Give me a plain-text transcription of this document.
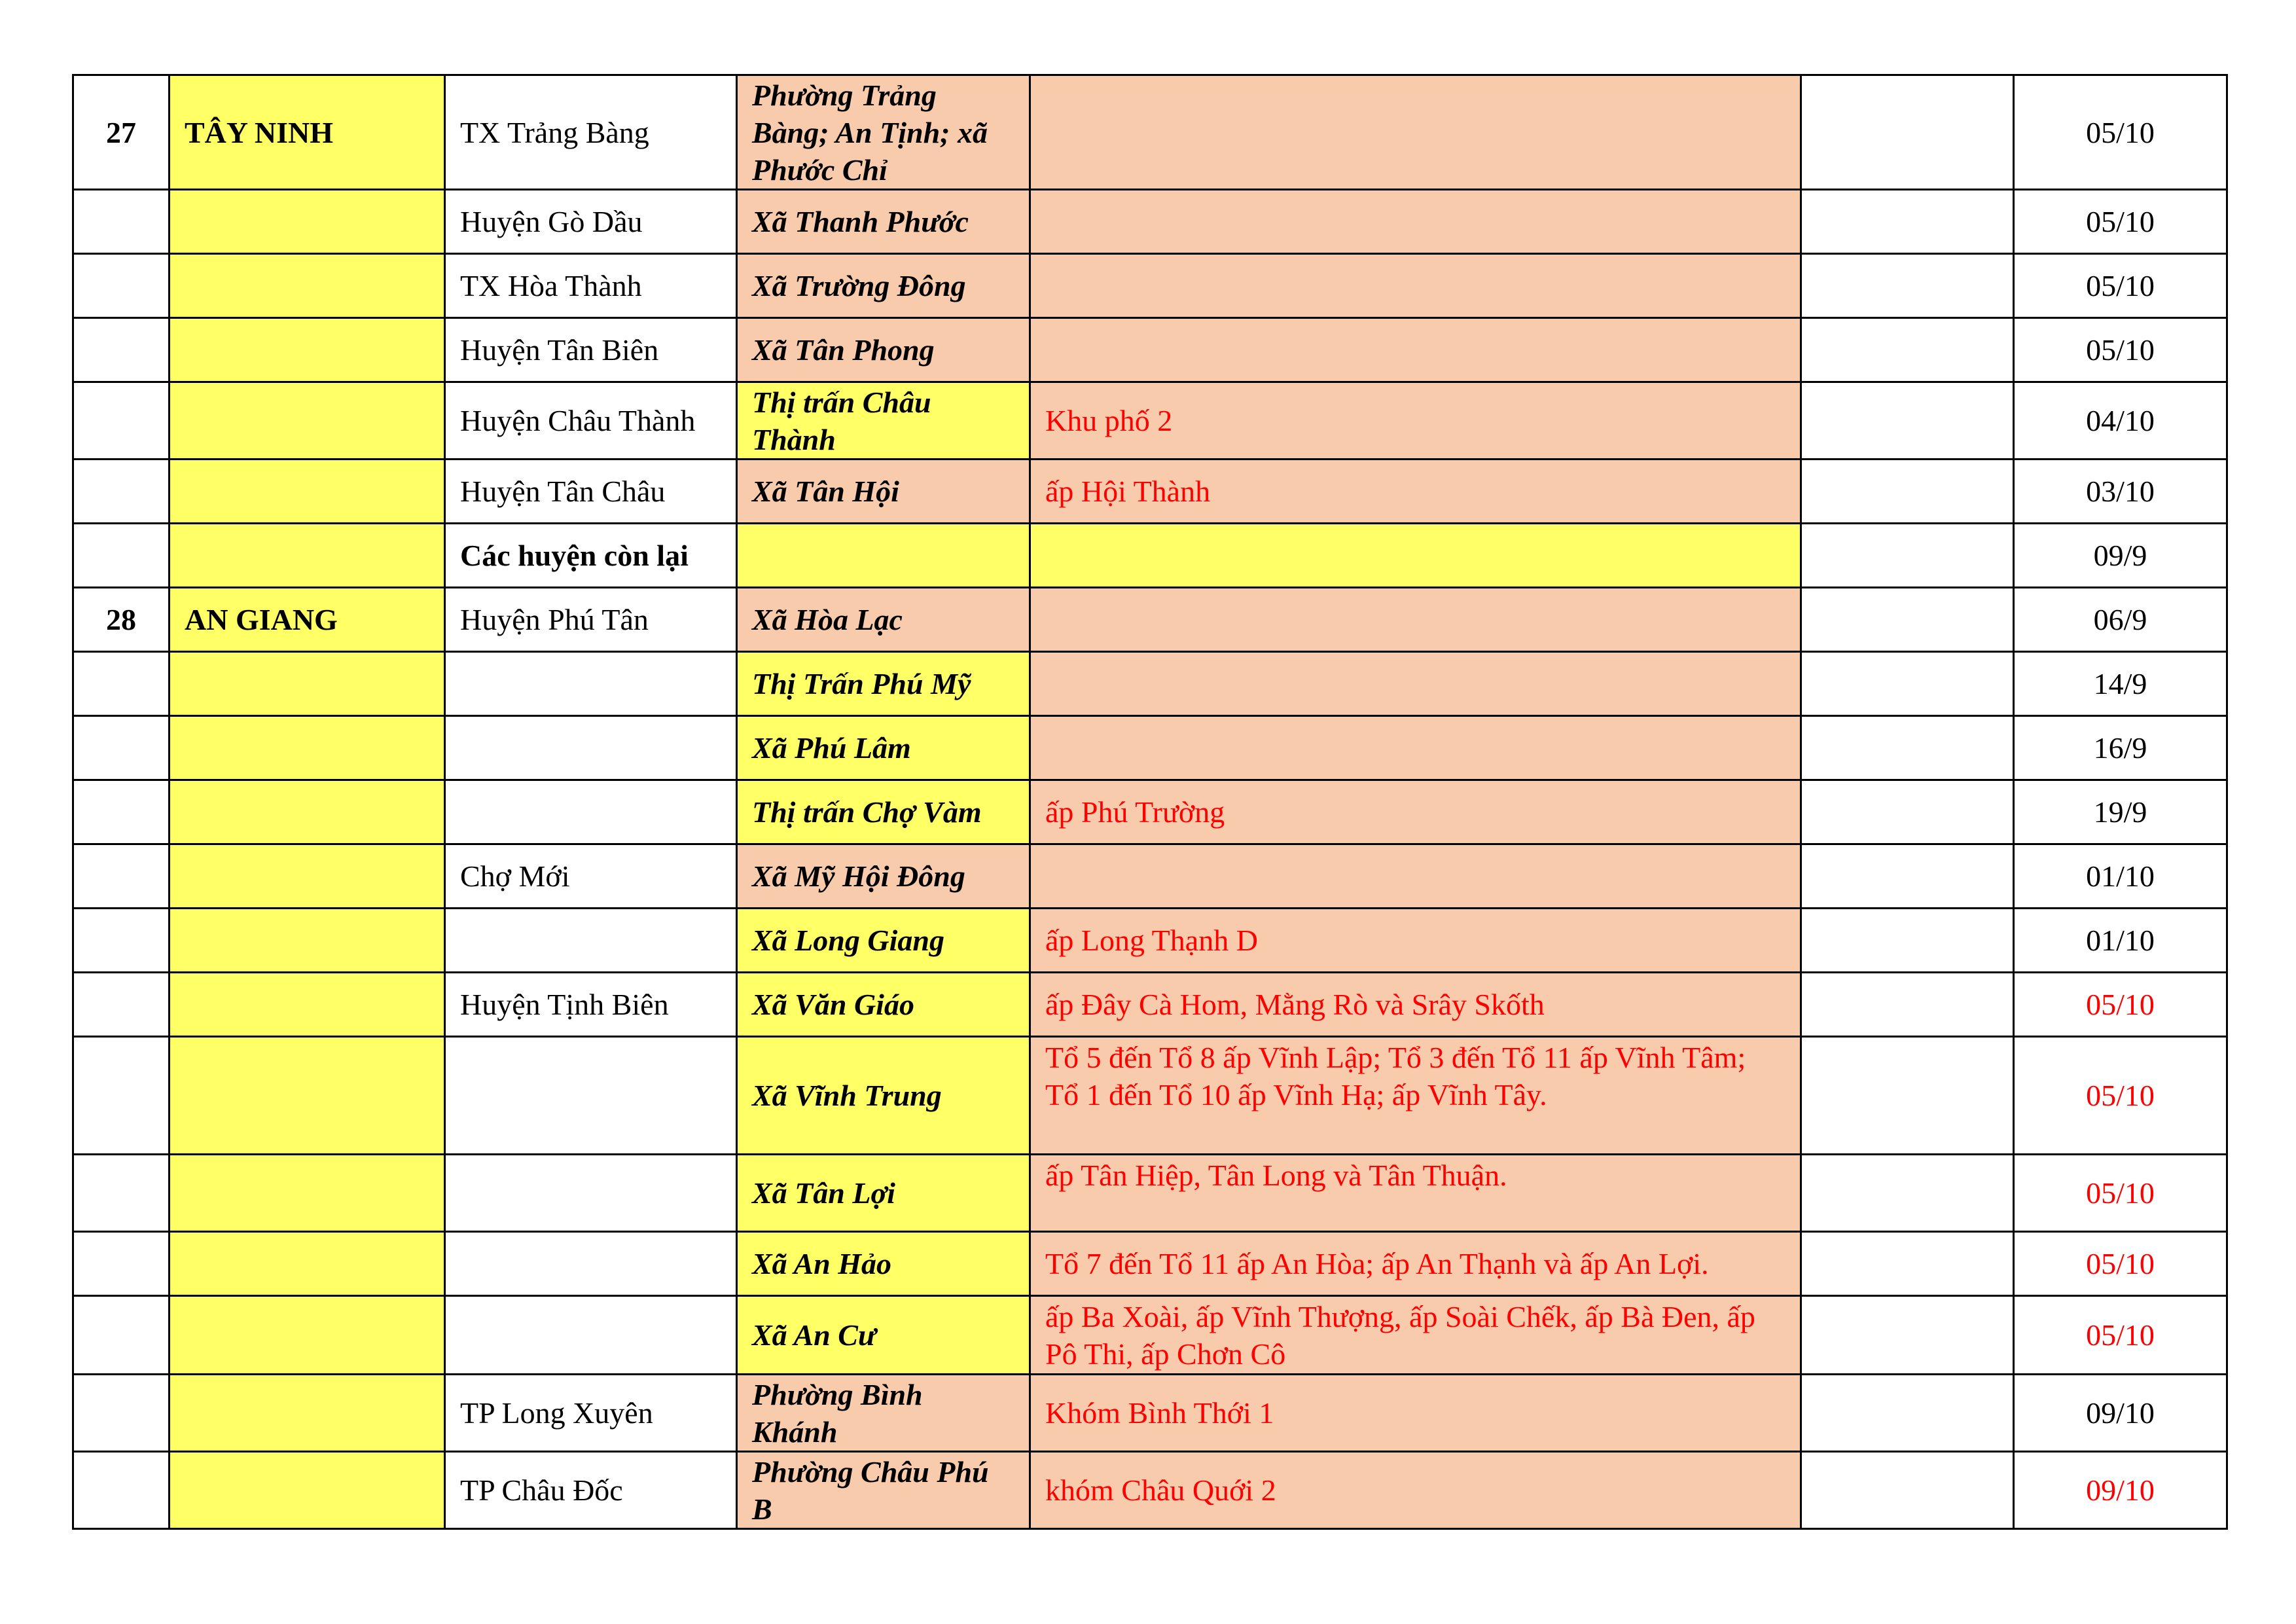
27	TÂY NINH	TX Trảng Bàng	Phường Trảng Bàng; An Tịnh; xã Phước Chỉ			05/10
		Huyện Gò Dầu	Xã Thanh Phước			05/10
		TX Hòa Thành	Xã Trường Đông			05/10
		Huyện Tân Biên	Xã Tân Phong			05/10
		Huyện Châu Thành	Thị trấn Châu Thành	Khu phố 2		04/10
		Huyện Tân Châu	Xã Tân Hội	ấp Hội Thành		03/10
		Các huyện còn lại				09/9
28	AN GIANG	Huyện Phú Tân	Xã Hòa Lạc			06/9
			Thị Trấn Phú Mỹ			14/9
			Xã Phú Lâm			16/9
			Thị trấn Chợ Vàm	ấp Phú Trường		19/9
		Chợ Mới	Xã Mỹ Hội Đông			01/10
			Xã Long Giang	ấp Long Thạnh D		01/10
		Huyện Tịnh Biên	Xã Văn Giáo	ấp Đây Cà Hom, Mằng Rò và Srây Skốth		05/10
			Xã Vĩnh Trung	Tổ 5 đến Tổ 8 ấp Vĩnh Lập; Tổ 3 đến Tổ 11 ấp Vĩnh Tâm; Tổ 1 đến Tổ 10 ấp Vĩnh Hạ; ấp Vĩnh Tây.		05/10
			Xã Tân Lợi	ấp Tân Hiệp, Tân Long và Tân Thuận.		05/10
			Xã An Hảo	Tổ 7 đến Tổ 11 ấp An Hòa; ấp An Thạnh và ấp An Lợi.		05/10
			Xã An Cư	ấp Ba Xoài, ấp Vĩnh Thượng, ấp Soài Chếk, ấp Bà Đen, ấp Pô Thi, ấp Chơn Cô		05/10
		TP Long Xuyên	Phường Bình Khánh	Khóm Bình Thới 1		09/10
		TP Châu Đốc	Phường Châu Phú B	khóm Châu Quới 2		09/10
